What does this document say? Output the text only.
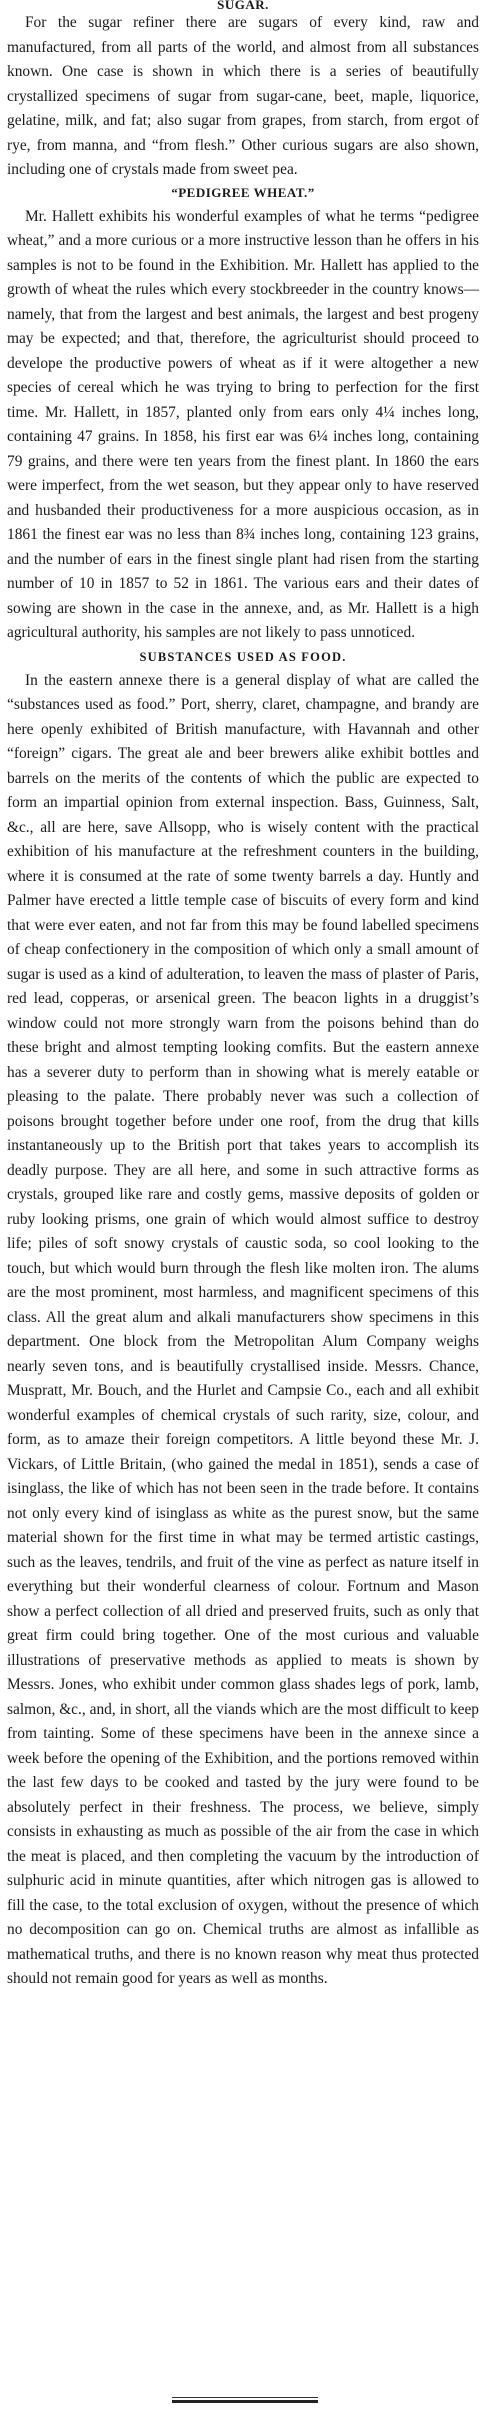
SUGAR.

For the sugar refiner there are sugars of every kind, raw and manufactured, from all parts of the world, and almost from all substances known. One case is shown in which there is a series of beautifully crystallized specimens of sugar from sugar-cane, beet, maple, liquorice, gelatine, milk, and fat; also sugar from grapes, from starch, from ergot of rye, from manna, and “from flesh.” Other curious sugars are also shown, including one of crystals made from sweet pea.

“PEDIGREE WHEAT.”

Mr. Hallett exhibits his wonderful examples of what he terms “pedigree wheat,” and a more curious or a more instructive lesson than he offers in his samples is not to be found in the Exhibition. Mr. Hallett has applied to the growth of wheat the rules which every stockbreeder in the country knows—namely, that from the largest and best animals, the largest and best progeny may be expected; and that, therefore, the agriculturist should proceed to develope the productive powers of wheat as if it were altogether a new species of cereal which he was trying to bring to perfection for the first time. Mr. Hallett, in 1857, planted only from ears only 4¼ inches long, containing 47 grains. In 1858, his first ear was 6¼ inches long, containing 79 grains, and there were ten years from the finest plant. In 1860 the ears were imperfect, from the wet season, but they appear only to have reserved and husbanded their productiveness for a more auspicious occasion, as in 1861 the finest ear was no less than 8¾ inches long, containing 123 grains, and the number of ears in the finest single plant had risen from the starting number of 10 in 1857 to 52 in 1861. The various ears and their dates of sowing are shown in the case in the annexe, and, as Mr. Hallett is a high agricultural authority, his samples are not likely to pass unnoticed.

SUBSTANCES USED AS FOOD.

In the eastern annexe there is a general display of what are called the “substances used as food.” Port, sherry, claret, champagne, and brandy are here openly exhibited of British manufacture, with Havannah and other “foreign” cigars. The great ale and beer brewers alike exhibit bottles and barrels on the merits of the contents of which the public are expected to form an impartial opinion from external inspection. Bass, Guinness, Salt, &c., all are here, save Allsopp, who is wisely content with the practical exhibition of his manufacture at the refreshment counters in the building, where it is consumed at the rate of some twenty barrels a day. Huntly and Palmer have erected a little temple case of biscuits of every form and kind that were ever eaten, and not far from this may be found labelled specimens of cheap confectionery in the composition of which only a small amount of sugar is used as a kind of adulteration, to leaven the mass of plaster of Paris, red lead, copperas, or arsenical green. The beacon lights in a druggist’s window could not more strongly warn from the poisons behind than do these bright and almost tempting looking comfits. But the eastern annexe has a severer duty to perform than in showing what is merely eatable or pleasing to the palate. There probably never was such a collection of poisons brought together before under one roof, from the drug that kills instantaneously up to the British port that takes years to accomplish its deadly purpose. They are all here, and some in such attractive forms as crystals, grouped like rare and costly gems, massive deposits of golden or ruby looking prisms, one grain of which would almost suffice to destroy life; piles of soft snowy crystals of caustic soda, so cool looking to the touch, but which would burn through the flesh like molten iron. The alums are the most prominent, most harmless, and magnificent specimens of this class. All the great alum and alkali manufacturers show specimens in this department. One block from the Metropolitan Alum Company weighs nearly seven tons, and is beautifully crystallised inside. Messrs. Chance, Muspratt, Mr. Bouch, and the Hurlet and Campsie Co., each and all exhibit wonderful examples of chemical crystals of such rarity, size, colour, and form, as to amaze their foreign competitors. A little beyond these Mr. J. Vickars, of Little Britain, (who gained the medal in 1851), sends a case of isinglass, the like of which has not been seen in the trade before. It contains not only every kind of isinglass as white as the purest snow, but the same material shown for the first time in what may be termed artistic castings, such as the leaves, tendrils, and fruit of the vine as perfect as nature itself in everything but their wonderful clearness of colour. Fortnum and Mason show a perfect collection of all dried and preserved fruits, such as only that great firm could bring together. One of the most curious and valuable illustrations of preservative methods as applied to meats is shown by Messrs. Jones, who exhibit under common glass shades legs of pork, lamb, salmon, &c., and, in short, all the viands which are the most difficult to keep from tainting. Some of these specimens have been in the annexe since a week before the opening of the Exhibition, and the portions removed within the last few days to be cooked and tasted by the jury were found to be absolutely perfect in their freshness. The process, we believe, simply consists in exhausting as much as possible of the air from the case in which the meat is placed, and then completing the vacuum by the introduction of sulphuric acid in minute quantities, after which nitrogen gas is allowed to fill the case, to the total exclusion of oxygen, without the presence of which no decomposition can go on. Chemical truths are almost as infallible as mathematical truths, and there is no known reason why meat thus protected should not remain good for years as well as months.
